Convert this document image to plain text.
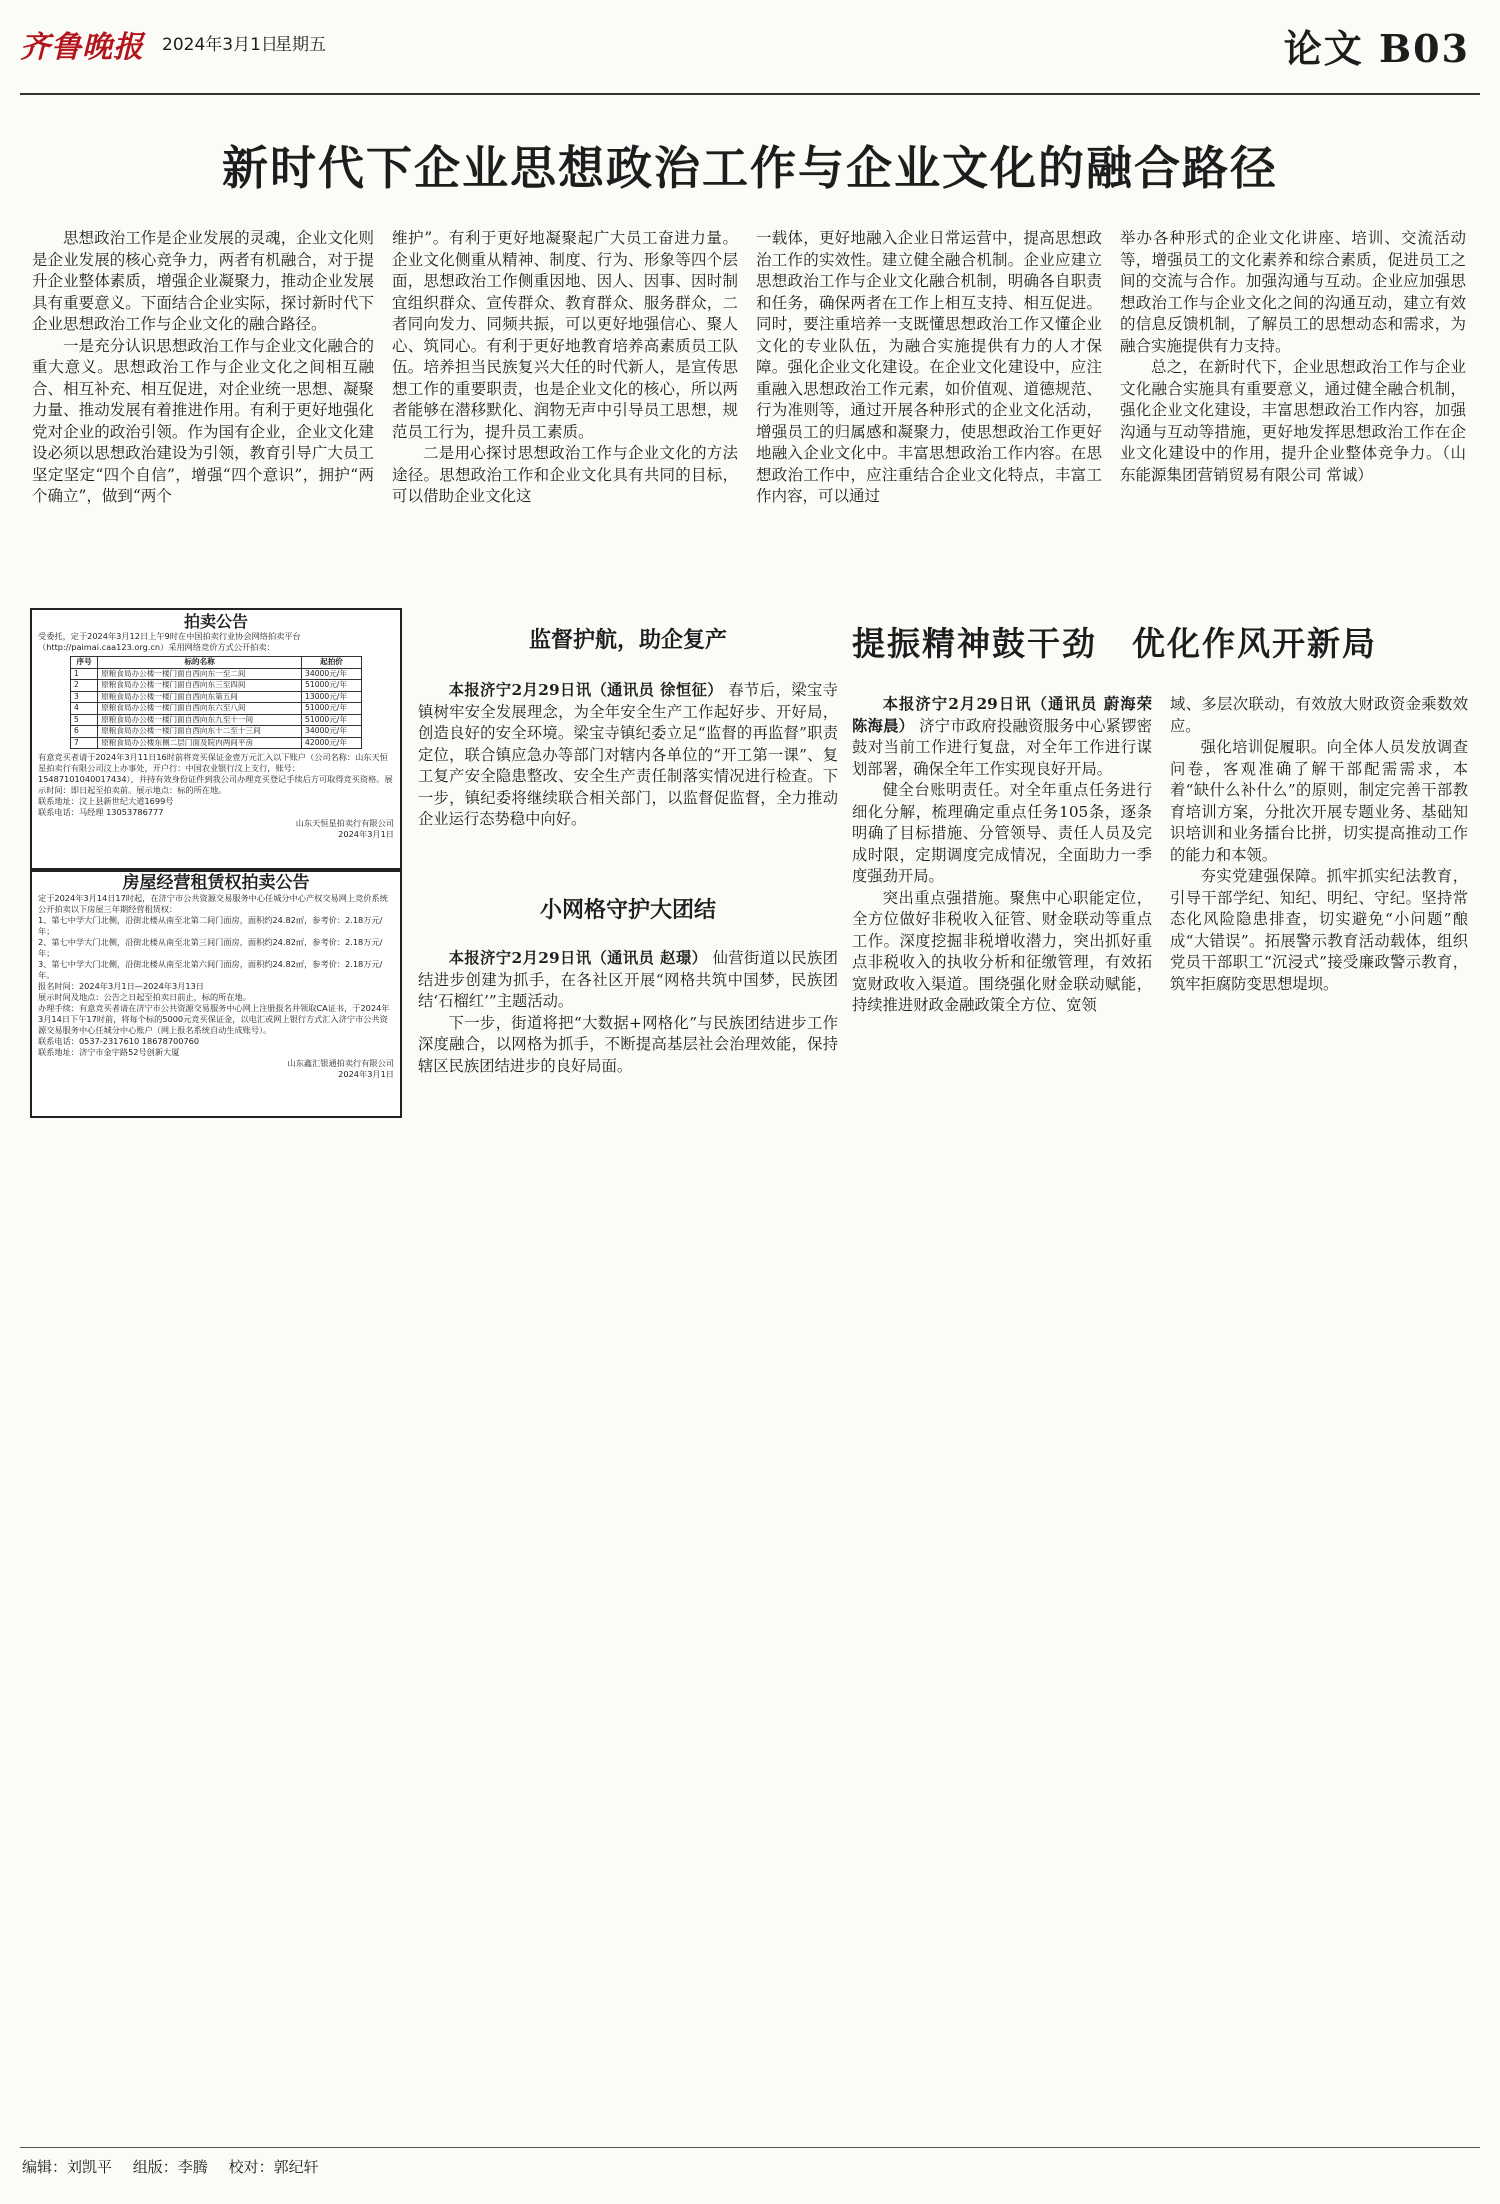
齐鲁晚报 2024年3月1日
星期五	论文 B03
新时代下企业思想政治工作与企业文化的融合路径

思想政治工作是企业发展的灵魂，企业文化则是企业发展的核心竞争力，两者有机融合，对于提升企业整体素质，增强企业凝聚力，推动企业发展具有重要意义。下面结合企业实际，探讨新时代下企业思想政治工作与企业文化的融合路径。

一是充分认识思想政治工作与企业文化融合的重大意义。思想政治工作与企业文化之间相互融合、相互补充、相互促进，对企业统一思想、凝聚力量、推动发展有着推进作用。有利于更好地强化党对企业的政治引领。作为国有企业，企业文化建设必须以思想政治建设为引领，教育引导广大员工坚定坚定“四个自信”，增强“四个意识”，拥护“两个确立”，做到“两个

维护”。有利于更好地凝聚起广大员工奋进力量。企业文化侧重从精神、制度、行为、形象等四个层面，思想政治工作侧重因地、因人、因事、因时制宜组织群众、宣传群众、教育群众、服务群众，二者同向发力、同频共振，可以更好地强信心、聚人心、筑同心。有利于更好地教育培养高素质员工队伍。培养担当民族复兴大任的时代新人，是宣传思想工作的重要职责，也是企业文化的核心，所以两者能够在潜移默化、润物无声中引导员工思想，规范员工行为，提升员工素质。

二是用心探讨思想政治工作与企业文化的方法途径。思想政治工作和企业文化具有共同的目标，可以借助企业文化这

一载体，更好地融入企业日常运营中，提高思想政治工作的实效性。建立健全融合机制。企业应建立思想政治工作与企业文化融合机制，明确各自职责和任务，确保两者在工作上相互支持、相互促进。同时，要注重培养一支既懂思想政治工作又懂企业文化的专业队伍，为融合实施提供有力的人才保障。强化企业文化建设。在企业文化建设中，应注重融入思想政治工作元素，如价值观、道德规范、行为准则等，通过开展各种形式的企业文化活动，增强员工的归属感和凝聚力，使思想政治工作更好地融入企业文化中。丰富思想政治工作内容。在思想政治工作中，应注重结合企业文化特点，丰富工作内容，可以通过

举办各种形式的企业文化讲座、培训、交流活动等，增强员工的文化素养和综合素质，促进员工之间的交流与合作。加强沟通与互动。企业应加强思想政治工作与企业文化之间的沟通互动，建立有效的信息反馈机制，了解员工的思想动态和需求，为融合实施提供有力支持。

总之，在新时代下，企业思想政治工作与企业文化融合实施具有重要意义，通过健全融合机制，强化企业文化建设，丰富思想政治工作内容，加强沟通与互动等措施，更好地发挥思想政治工作在企业文化建设中的作用，提升企业整体竞争力。（山东能源集团营销贸易有限公司 常诚）

拍卖公告

受委托，定于2024年3月12日上午9时在中国拍卖行业协会网络拍卖平台（http://paimai.caa123.org.cn）采用网络竞价方式公开拍卖：

序号	标的名称	起拍价
1	原粮食局办公楼一楼门面自西向东一至二间	34000元/年
2	原粮食局办公楼一楼门面自西向东三至四间	51000元/年
3	原粮食局办公楼一楼门面自西向东第五间	13000元/年
4	原粮食局办公楼一楼门面自西向东六至八间	51000元/年
5	原粮食局办公楼一楼门面自西向东九至十一间	51000元/年
6	原粮食局办公楼一楼门面自西向东十二至十三间	34000元/年
7	原粮食局办公楼东侧二层门面及院内两间平房	42000元/年

有意竞买者请于2024年3月11日16时前将竞买保证金壹万元汇入以下账户（公司名称：山东天恒星拍卖行有限公司汶上办事处，开户行：中国农业银行汶上支行，账号：15487101040017434），并持有效身份证件到我公司办理竞买登记手续后方可取得竞买资格。展示时间：即日起至拍卖前。展示地点：标的所在地。

联系地址：汶上县新世纪大道1699号

联系电话：马经理 13053786777

山东天恒星拍卖行有限公司

2024年3月1日

房屋经营租赁权拍卖公告

定于2024年3月14日17时起，在济宁市公共资源交易服务中心任城分中心产权交易网上竞价系统公开拍卖以下房屋三年期经营租赁权：

1、第七中学大门北侧，沿街北楼从南至北第二间门面房，面积约24.82㎡，参考价：2.18万元/年；

2、第七中学大门北侧，沿街北楼从南至北第三间门面房，面积约24.82㎡，参考价：2.18万元/年；

3、第七中学大门北侧，沿街北楼从南至北第六间门面房，面积约24.82㎡，参考价：2.18万元/年。

报名时间：2024年3月1日—2024年3月13日

展示时间及地点：公告之日起至拍卖日前止，标的所在地。

办理手续：有意竞买者请在济宁市公共资源交易服务中心网上注册报名并领取CA证书，于2024年3月14日下午17时前，将每个标的5000元竞买保证金，以电汇或网上银行方式汇入济宁市公共资源交易服务中心任城分中心账户（网上报名系统自动生成账号）。

联系电话：0537-2317610 18678700760

联系地址：济宁市金宇路52号创新大厦

山东鑫汇银通拍卖行有限公司

2024年3月1日

监督护航，助企复产

本报济宁2月29日讯（通讯员 徐恒征） 春节后，梁宝寺镇树牢安全发展理念，为全年安全生产工作起好步、开好局，创造良好的安全环境。梁宝寺镇纪委立足“监督的再监督”职责定位，联合镇应急办等部门对辖内各单位的“开工第一课”、复工复产安全隐患整改、安全生产责任制落实情况进行检查。下一步，镇纪委将继续联合相关部门，以监督促监督，全力推动企业运行态势稳中向好。

小网格守护大团结

本报济宁2月29日讯（通讯员 赵璟） 仙营街道以民族团结进步创建为抓手，在各社区开展“网格共筑中国梦，民族团结‘石榴红’”主题活动。

下一步，街道将把“大数据+网格化”与民族团结进步工作深度融合，以网格为抓手，不断提高基层社会治理效能，保持辖区民族团结进步的良好局面。

提振精神鼓干劲　优化作风开新局

本报济宁2月29日讯（通讯员 蔚海荣 陈海晨） 济宁市政府投融资服务中心紧锣密鼓对当前工作进行复盘，对全年工作进行谋划部署，确保全年工作实现良好开局。

健全台账明责任。对全年重点任务进行细化分解，梳理确定重点任务105条，逐条明确了目标措施、分管领导、责任人员及完成时限，定期调度完成情况，全面助力一季度强劲开局。

突出重点强措施。聚焦中心职能定位，全方位做好非税收入征管、财金联动等重点工作。深度挖掘非税增收潜力，突出抓好重点非税收入的执收分析和征缴管理，有效拓宽财政收入渠道。围绕强化财金联动赋能，持续推进财政金融政策全方位、宽领

域、多层次联动，有效放大财政资金乘数效应。

强化培训促履职。向全体人员发放调查问卷，客观准确了解干部配需需求，本着“缺什么补什么”的原则，制定完善干部教育培训方案，分批次开展专题业务、基础知识培训和业务擂台比拼，切实提高推动工作的能力和本领。

夯实党建强保障。抓牢抓实纪法教育，引导干部学纪、知纪、明纪、守纪。坚持常态化风险隐患排查，切实避免“小问题”酿成“大错误”。拓展警示教育活动载体，组织党员干部职工“沉浸式”接受廉政警示教育，筑牢拒腐防变思想堤坝。

编辑：刘凯平 组版：李腾 校对：郭纪轩
